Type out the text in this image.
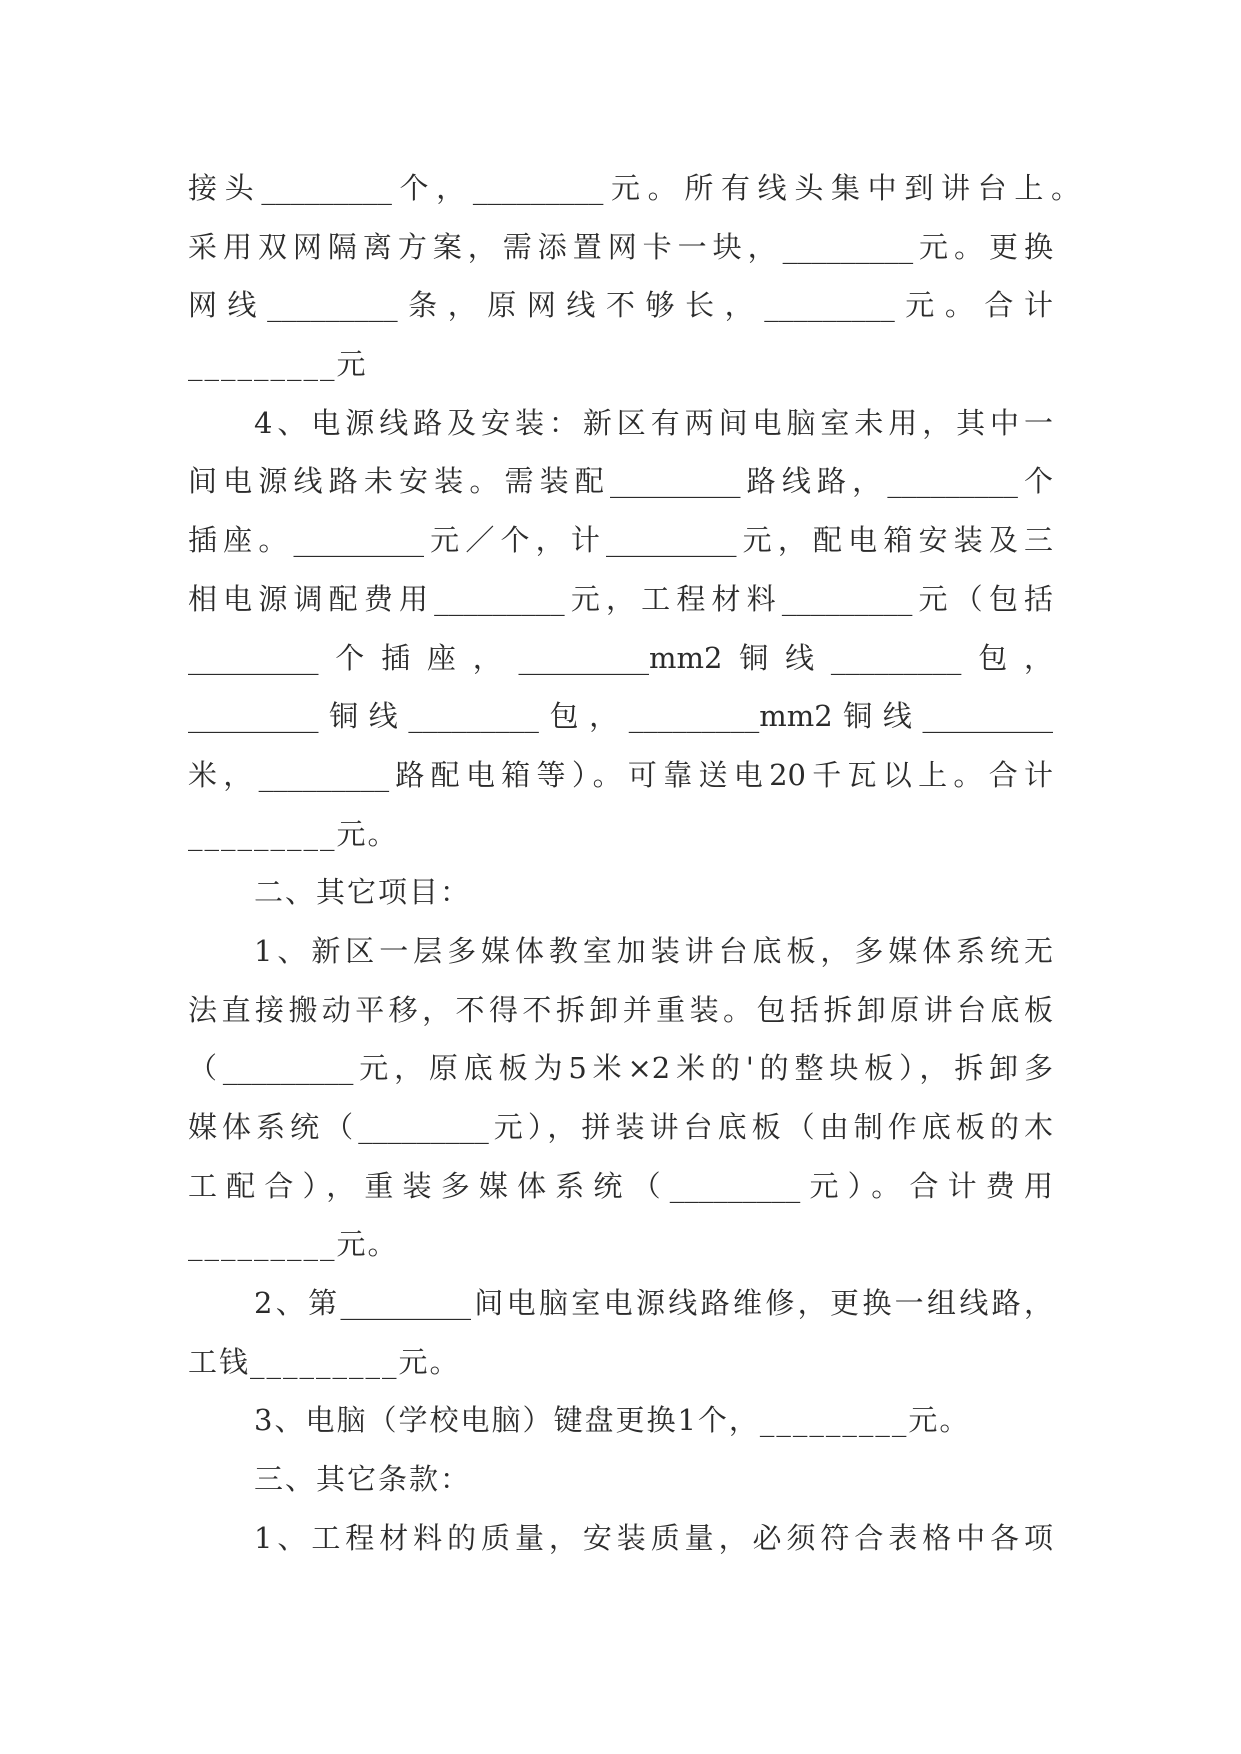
接头_________个，_________元。所有线头集中到讲台上。
采用双网隔离方案，需添置网卡一块，_________元。更换
网线_________条，原网线不够长，_________元。合计
_________元
4、电源线路及安装：新区有两间电脑室未用，其中一
间电源线路未安装。需装配_________路线路，_________个
插座。_________元／个，计_________元，配电箱安装及三
相电源调配费用_________元，工程材料_________元（包括
_________个插座，_________mm2铜线_________包，
_________铜线_________包，_________mm2铜线_________
米，_________路配电箱等）。可靠送电20千瓦以上。合计
_________元。
二、其它项目：
1、新区一层多媒体教室加装讲台底板，多媒体系统无
法直接搬动平移，不得不拆卸并重装。包括拆卸原讲台底板
（_________元，原底板为5米×2米的'的整块板），拆卸多
媒体系统（_________元），拼装讲台底板（由制作底板的木
工配合），重装多媒体系统（_________元）。合计费用
_________元。
2、第_________间电脑室电源线路维修，更换一组线路，
工钱_________元。
3、电脑（学校电脑）键盘更换1个，_________元。
三、其它条款：
1、工程材料的质量，安装质量，必须符合表格中各项
